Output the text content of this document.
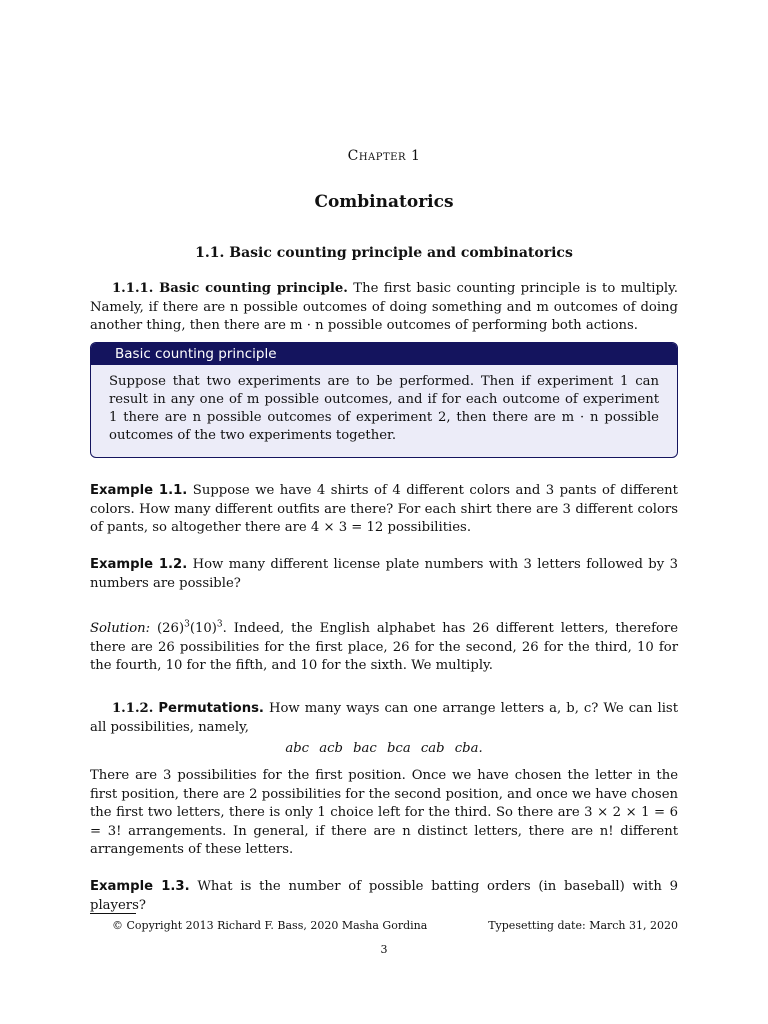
Chapter 1
Combinatorics
1.1. Basic counting principle and combinatorics
1.1.1. Basic counting principle. The first basic counting principle is to multiply. Namely, if there are n possible outcomes of doing something and m outcomes of doing another thing, then there are m · n possible outcomes of performing both actions.
Basic counting principle
Suppose that two experiments are to be performed. Then if experiment 1 can result in any one of m possible outcomes, and if for each outcome of experiment 1 there are n possible outcomes of experiment 2, then there are m · n possible outcomes of the two experiments together.
Example 1.1. Suppose we have 4 shirts of 4 different colors and 3 pants of different colors. How many different outfits are there? For each shirt there are 3 different colors of pants, so altogether there are 4 × 3 = 12 possibilities.
Example 1.2. How many different license plate numbers with 3 letters followed by 3 numbers are possible?
Solution: $(26)^3(10)^3$. Indeed, the English alphabet has 26 different letters, therefore there are 26 possibilities for the first place, 26 for the second, 26 for the third, 10 for the fourth, 10 for the fifth, and 10 for the sixth. We multiply.
1.1.2. Permutations. How many ways can one arrange letters a, b, c? We can list all possibilities, namely,
abc acb bac bca cab cba.
There are 3 possibilities for the first position. Once we have chosen the letter in the first position, there are 2 possibilities for the second position, and once we have chosen the first two letters, there is only 1 choice left for the third. So there are 3 × 2 × 1 = 6 = 3! arrangements. In general, if there are n distinct letters, there are n! different arrangements of these letters.
Example 1.3. What is the number of possible batting orders (in baseball) with 9 players?
© Copyright 2013 Richard F. Bass, 2020 Masha Gordina	Typesetting date: March 31, 2020
3
